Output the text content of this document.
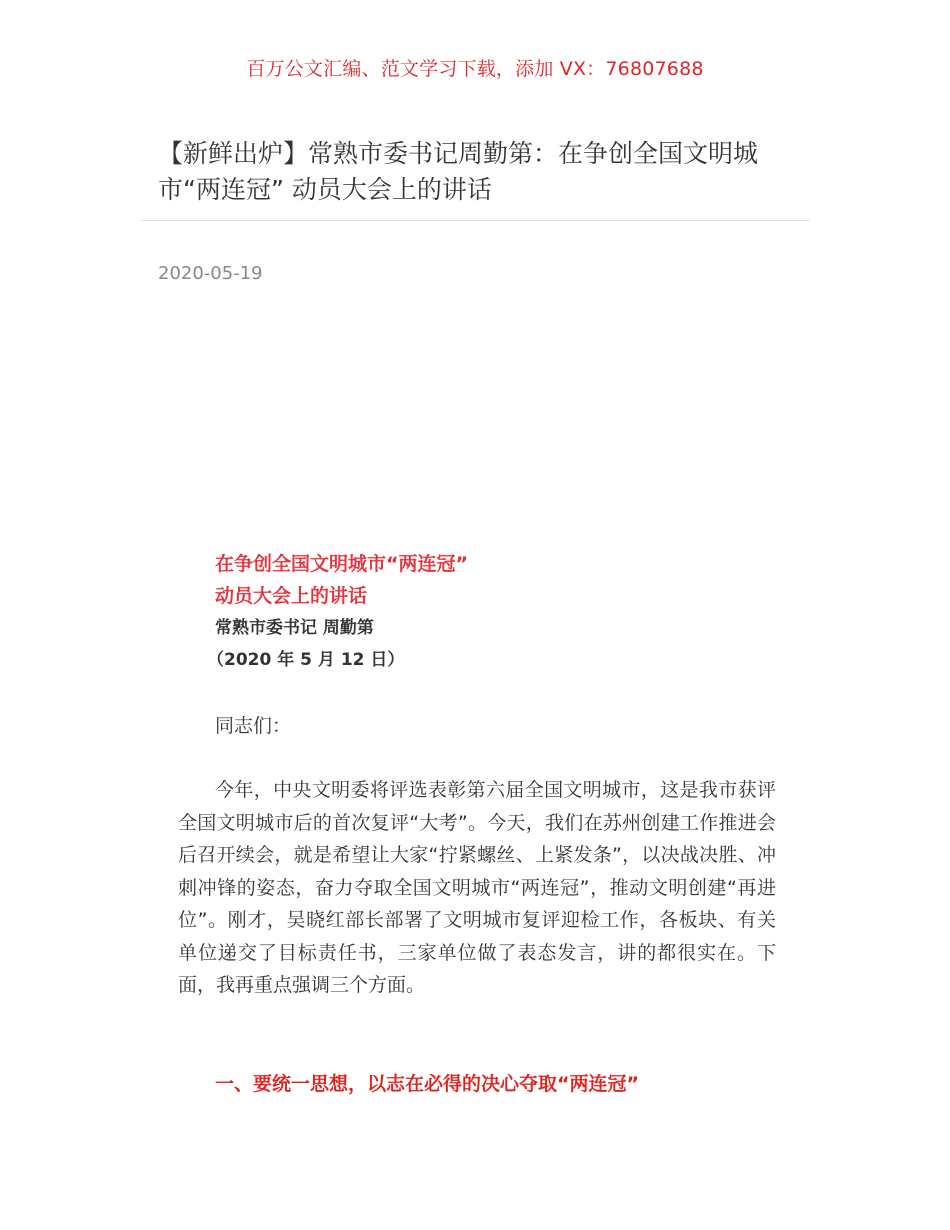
百万公文汇编、范文学习下载，添加 VX：76807688
【新鲜出炉】常熟市委书记周勤第：在争创全国文明城市“两连冠” 动员大会上的讲话
2020-05-19
在争创全国文明城市“两连冠”
动员大会上的讲话
常熟市委书记 周勤第
（2020 年 5 月 12 日）
同志们：

今年，中央文明委将评选表彰第六届全国文明城市，这是我市获评全国文明城市后的首次复评“大考”。今天，我们在苏州创建工作推进会后召开续会，就是希望让大家“拧紧螺丝、上紧发条”，以决战决胜、冲刺冲锋的姿态，奋力夺取全国文明城市“两连冠”，推动文明创建“再进位”。刚才，吴晓红部长部署了文明城市复评迎检工作，各板块、有关单位递交了目标责任书，三家单位做了表态发言，讲的都很实在。下面，我再重点强调三个方面。

一、要统一思想，以志在必得的决心夺取“两连冠”
